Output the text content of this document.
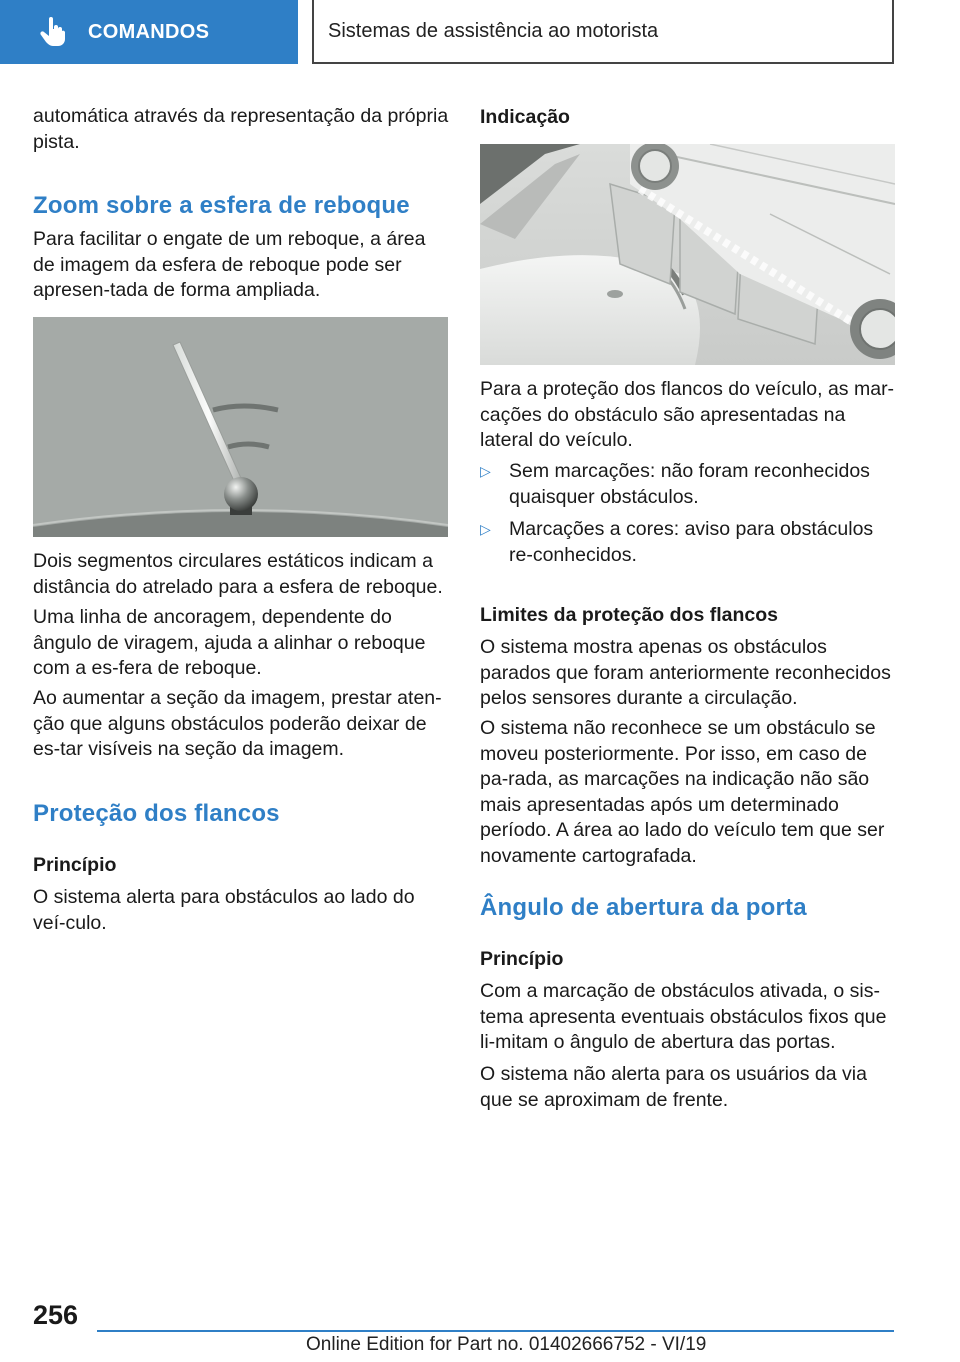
COMANDOS	Sistemas de assistência ao motorista

automática através da representação da própria pista.

Zoom sobre a esfera de reboque

Para facilitar o engate de um reboque, a área de imagem da esfera de reboque pode ser apresen-tada de forma ampliada.

Dois segmentos circulares estáticos indicam a distância do atrelado para a esfera de reboque.

Uma linha de ancoragem, dependente do ângulo de viragem, ajuda a alinhar o reboque com a es-fera de reboque.

Ao aumentar a seção da imagem, prestar aten-ção que alguns obstáculos poderão deixar de es-tar visíveis na seção da imagem.

Proteção dos flancos
Princípio

O sistema alerta para obstáculos ao lado do veí-culo.

Indicação

Para a proteção dos flancos do veículo, as mar-cações do obstáculo são apresentadas na lateral do veículo.

▷ Sem marcações: não foram reconhecidos quaisquer obstáculos.
▷ Marcações a cores: aviso para obstáculos re-conhecidos.
Limites da proteção dos flancos

O sistema mostra apenas os obstáculos parados que foram anteriormente reconhecidos pelos sensores durante a circulação.

O sistema não reconhece se um obstáculo se moveu posteriormente. Por isso, em caso de pa-rada, as marcações na indicação não são mais apresentadas após um determinado período. A área ao lado do veículo tem que ser novamente cartografada.

Ângulo de abertura da porta
Princípio

Com a marcação de obstáculos ativada, o sis-tema apresenta eventuais obstáculos fixos que li-mitam o ângulo de abertura das portas.

O sistema não alerta para os usuários da via que se aproximam de frente.

256
Online Edition for Part no. 01402666752 - VI/19
